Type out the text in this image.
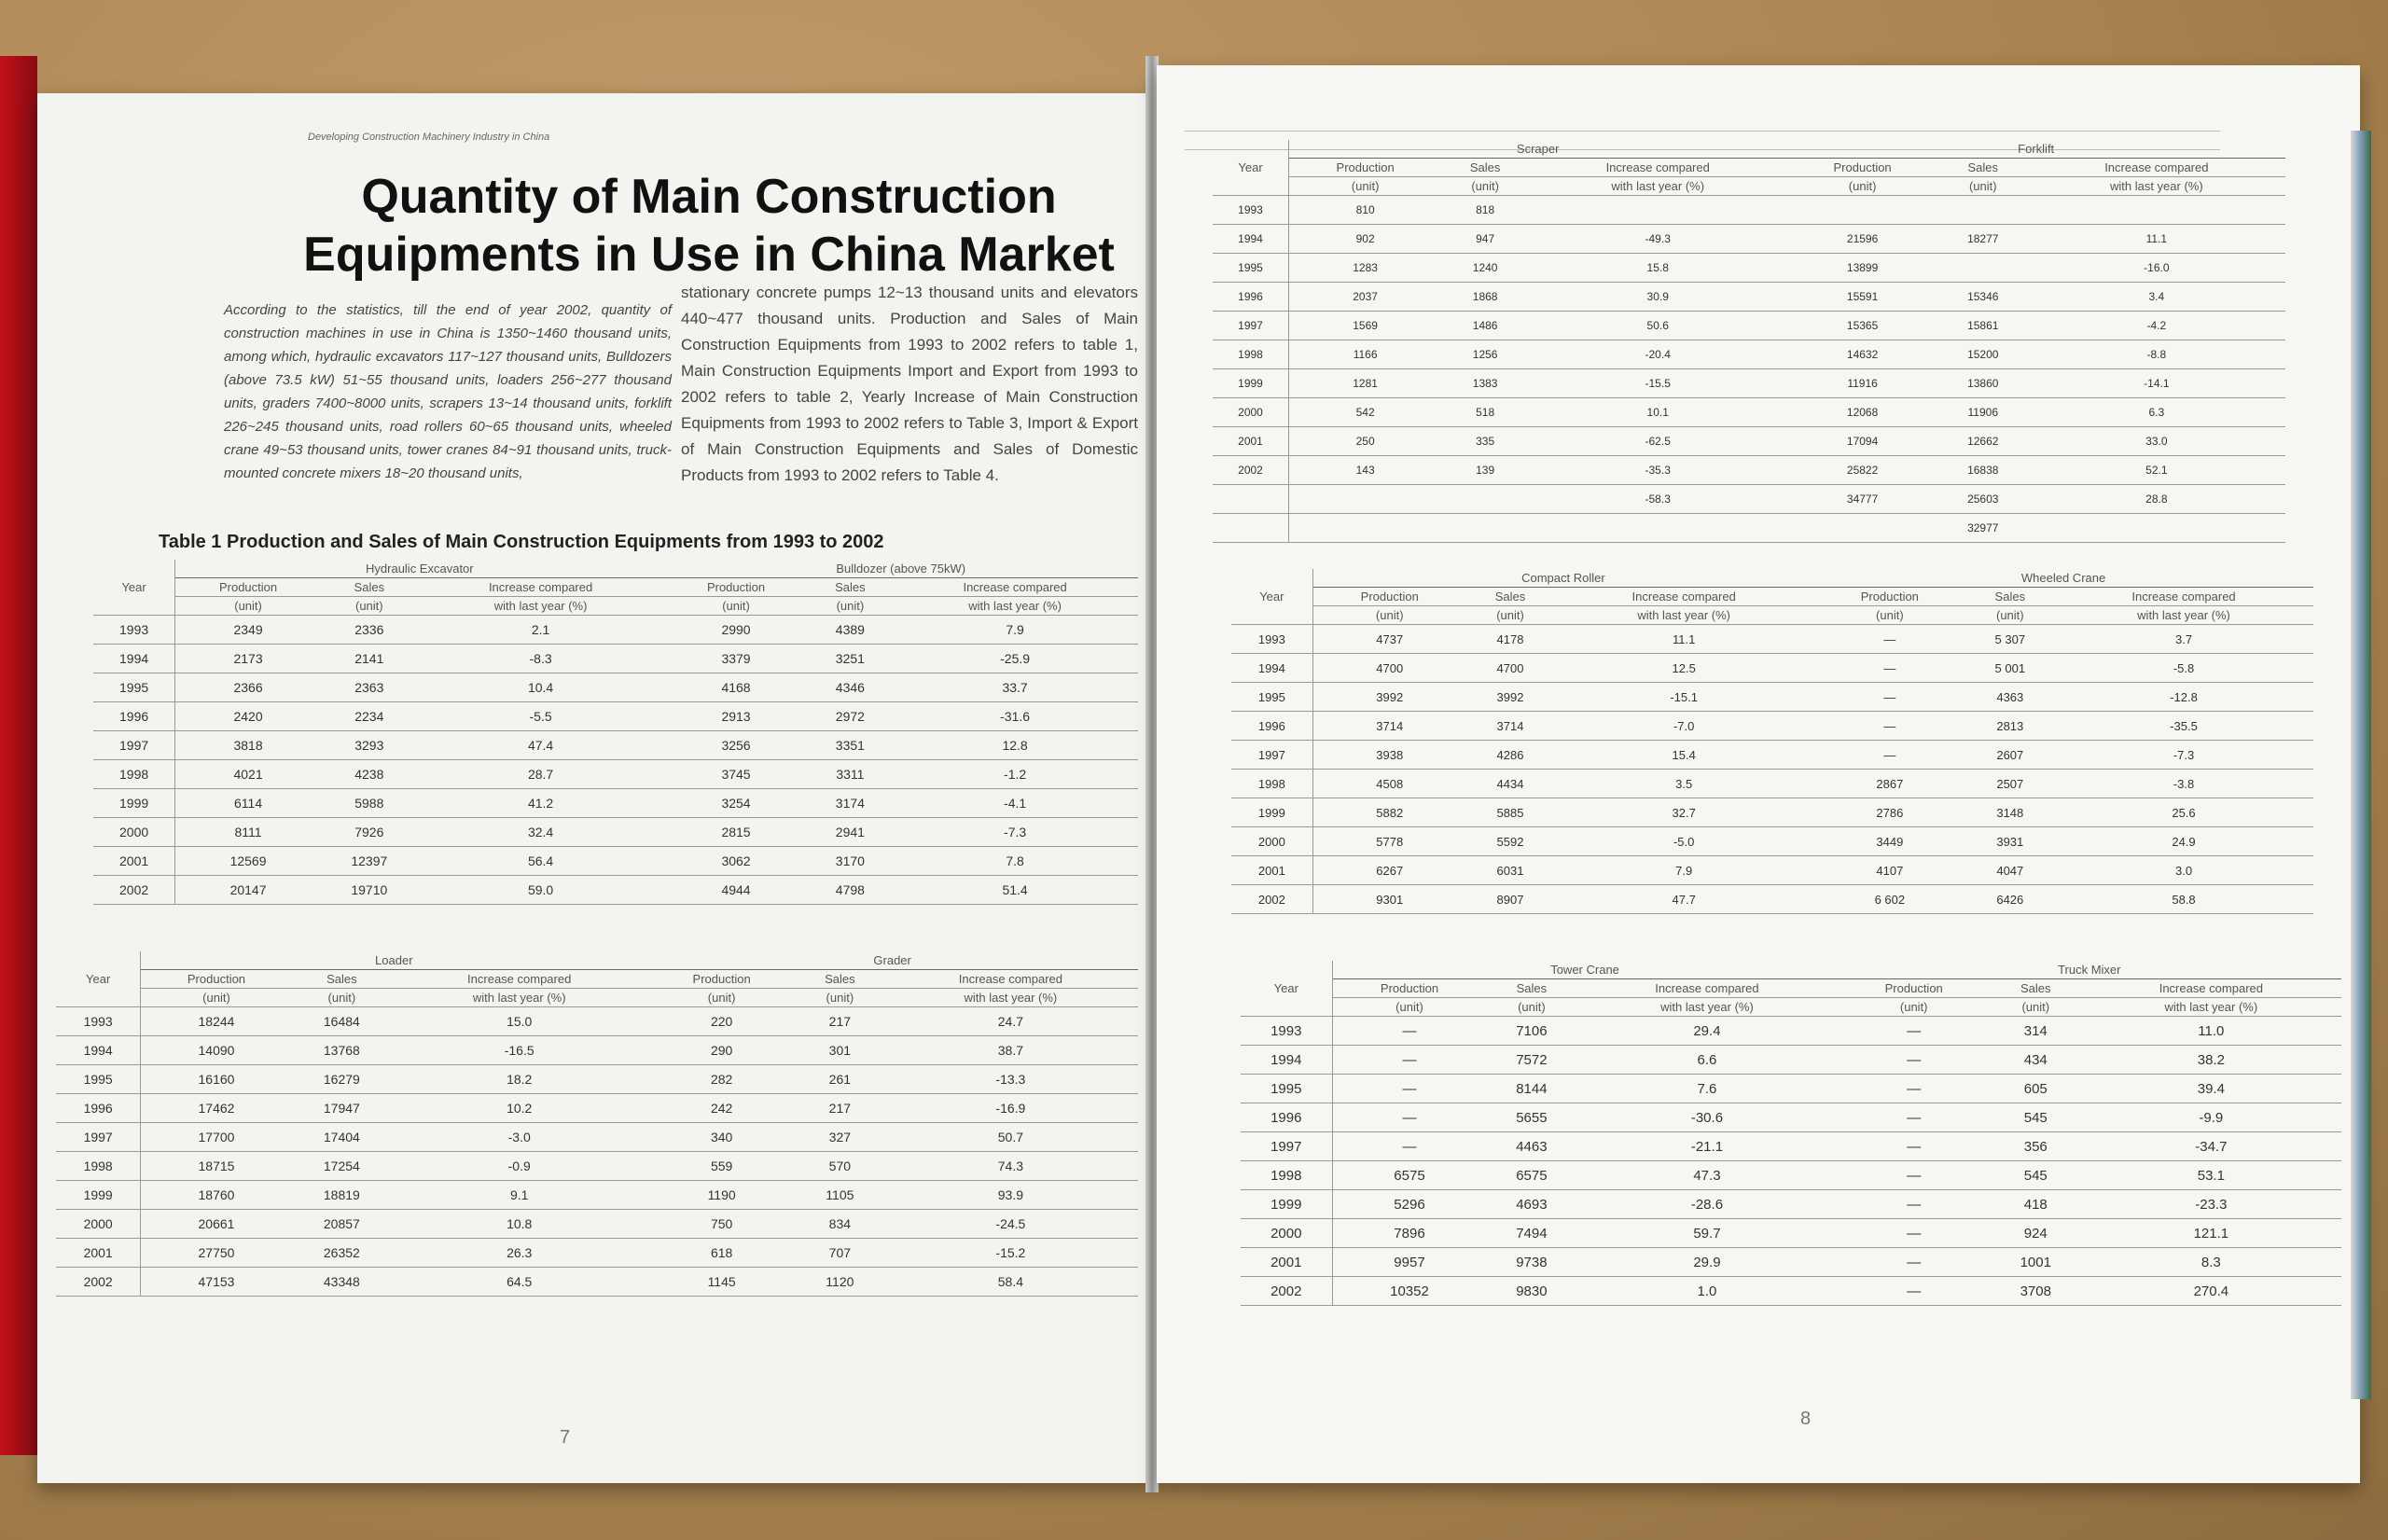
Developing Construction Machinery Industry in China
Quantity of Main Construction
Equipments in Use in China Market
According to the statistics, till the end of year 2002, quantity of construction machines in use in China is 1350~1460 thousand units, among which, hydraulic excavators 117~127 thousand units, Bulldozers (above 73.5 kW) 51~55 thousand units, loaders 256~277 thousand units, graders 7400~8000 units, scrapers 13~14 thousand units, forklift 226~245 thousand units, road rollers 60~65 thousand units, wheeled crane 49~53 thousand units, tower cranes 84~91 thousand units, truck-mounted concrete mixers 18~20 thousand units,
stationary concrete pumps 12~13 thousand units and elevators 440~477 thousand units. Production and Sales of Main Construction Equipments from 1993 to 2002 refers to table 1, Main Construction Equipments Import and Export from 1993 to 2002 refers to table 2, Yearly Increase of Main Construction Equipments from 1993 to 2002 refers to Table 3, Import & Export of Main Construction Equipments and Sales of Domestic Products from 1993 to 2002 refers to Table 4.
Table 1 Production and Sales of Main Construction Equipments from 1993 to 2002
Year	Hydraulic Excavator			Bulldozer (above 75kW)		
	Production	Sales	Increase compared	Production	Sales	Increase compared
	(unit)	(unit)	with last year (%)	(unit)	(unit)	with last year (%)
1993	2349	2336	2.1	2990	4389	7.9
1994	2173	2141	-8.3	3379	3251	-25.9
1995	2366	2363	10.4	4168	4346	33.7
1996	2420	2234	-5.5	2913	2972	-31.6
1997	3818	3293	47.4	3256	3351	12.8
1998	4021	4238	28.7	3745	3311	-1.2
1999	6114	5988	41.2	3254	3174	-4.1
2000	8111	7926	32.4	2815	2941	-7.3
2001	12569	12397	56.4	3062	3170	7.8
2002	20147	19710	59.0	4944	4798	51.4
Year	Loader			Grader		
	Production	Sales	Increase compared	Production	Sales	Increase compared
	(unit)	(unit)	with last year (%)	(unit)	(unit)	with last year (%)
1993	18244	16484	15.0	220	217	24.7
1994	14090	13768	-16.5	290	301	38.7
1995	16160	16279	18.2	282	261	-13.3
1996	17462	17947	10.2	242	217	-16.9
1997	17700	17404	-3.0	340	327	50.7
1998	18715	17254	-0.9	559	570	74.3
1999	18760	18819	9.1	1190	1105	93.9
2000	20661	20857	10.8	750	834	-24.5
2001	27750	26352	26.3	618	707	-15.2
2002	47153	43348	64.5	1145	1120	58.4
7
Year	Scraper			Forklift		
	Production	Sales	Increase compared	Production	Sales	Increase compared
	(unit)	(unit)	with last year (%)	(unit)	(unit)	with last year (%)
1993	810	818				
1994	902	947	-49.3	21596	18277	11.1
1995	1283	1240	15.8	13899		-16.0
1996	2037	1868	30.9	15591	15346	3.4
1997	1569	1486	50.6	15365	15861	-4.2
1998	1166	1256	-20.4	14632	15200	-8.8
1999	1281	1383	-15.5	11916	13860	-14.1
2000	542	518	10.1	12068	11906	6.3
2001	250	335	-62.5	17094	12662	33.0
2002	143	139	-35.3	25822	16838	52.1
			-58.3	34777	25603	28.8
					32977	
Year	Compact Roller			Wheeled Crane		
	Production	Sales	Increase compared	Production	Sales	Increase compared
	(unit)	(unit)	with last year (%)	(unit)	(unit)	with last year (%)
1993	4737	4178	11.1	—	5 307	3.7
1994	4700	4700	12.5	—	5 001	-5.8
1995	3992	3992	-15.1	—	4363	-12.8
1996	3714	3714	-7.0	—	2813	-35.5
1997	3938	4286	15.4	—	2607	-7.3
1998	4508	4434	3.5	2867	2507	-3.8
1999	5882	5885	32.7	2786	3148	25.6
2000	5778	5592	-5.0	3449	3931	24.9
2001	6267	6031	7.9	4107	4047	3.0
2002	9301	8907	47.7	6 602	6426	58.8
Year	Tower Crane			Truck Mixer		
	Production	Sales	Increase compared	Production	Sales	Increase compared
	(unit)	(unit)	with last year (%)	(unit)	(unit)	with last year (%)
1993	—	7106	29.4	—	314	11.0
1994	—	7572	6.6	—	434	38.2
1995	—	8144	7.6	—	605	39.4
1996	—	5655	-30.6	—	545	-9.9
1997	—	4463	-21.1	—	356	-34.7
1998	6575	6575	47.3	—	545	53.1
1999	5296	4693	-28.6	—	418	-23.3
2000	7896	7494	59.7	—	924	121.1
2001	9957	9738	29.9	—	1001	8.3
2002	10352	9830	1.0	—	3708	270.4
8
